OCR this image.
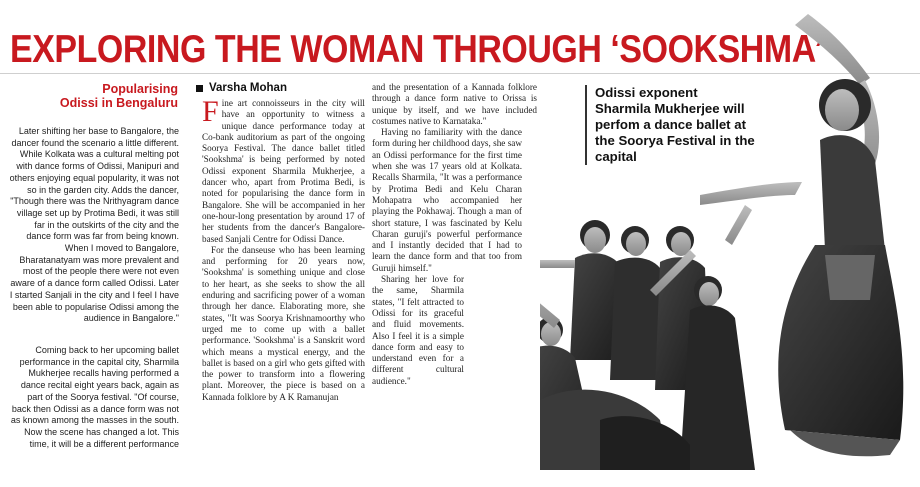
EXPLORING THE WOMAN THROUGH ‘SOOKSHMA’
Popularising
Odissi in Bengaluru
Later shifting her base to Bangalore, the dancer found the scenario a little different. While Kolkata was a cultural melting pot with dance forms of Odissi, Manipuri and others enjoying equal popularity, it was not so in the garden city. Adds the dancer, "Though there was the Nrithyagram dance village set up by Protima Bedi, it was still far in the outskirts of the city and the dance form was far from being known. When I moved to Bangalore, Bharatanatyam was more prevalent and most of the people there were not even aware of a dance form called Odissi. Later I started Sanjali in the city and I feel I have been able to popularise Odissi among the audience in Bangalore."
Coming back to her upcoming ballet performance in the capital city, Sharmila Mukherjee recalls having performed a dance recital eight years back, again as part of the Soorya festival. "Of course, back then Odissi as a dance form was not as known among the masses in the south. Now the scene has changed a lot. This time, it will be a different performance
Varsha Mohan

Fine art connoisseurs in the city will have an opportunity to witness a unique dance performance today at Co-bank auditorium as part of the ongoing Soorya Festival. The dance ballet titled 'Sookshma' is being performed by noted Odissi exponent Sharmila Mukherjee, a dancer who, apart from Protima Bedi, is noted for popularising the dance form in Bangalore. She will be accompanied in her one-hour-long presentation by around 17 of her students from the dancer's Bangalore-based Sanjali Centre for Odissi Dance.

For the danseuse who has been learning and performing for 20 years now, 'Sookshma' is something unique and close to her heart, as she seeks to show the all enduring and sacrificing power of a woman through her dance. Elaborating more, she states, "It was Soorya Krishnamoorthy who urged me to come up with a ballet performance. 'Sookshma' is a Sanskrit word which means a mystical energy, and the ballet is based on a girl who gets gifted with the power to transform into a flowering plant. Moreover, the piece is based on a Kannada folklore by A K Ramanujan

and the presentation of a Kannada folklore through a dance form native to Orissa is unique by itself, and we have included costumes native to Karnataka."

Having no familiarity with the dance form during her childhood days, she saw an Odissi performance for the first time when she was 17 years old at Kolkata. Recalls Sharmila, "It was a performance by Protima Bedi and Kelu Charan Mohapatra who accompanied her playing the Pokhawaj. Though a man of short stature, I was fascinated by Kelu Charan guruji's powerful performance and I instantly decided that I had to learn the dance form and that too from Guruji himself."

Sharing her love for the same, Sharmila states, "I felt attracted to Odissi for its graceful and fluid movements. Also I feel it is a simple dance form and easy to understand even for a different cultural audience."

Odissi exponent Sharmila Mukherjee will perfom a dance ballet at the Soorya Festival in the capital
